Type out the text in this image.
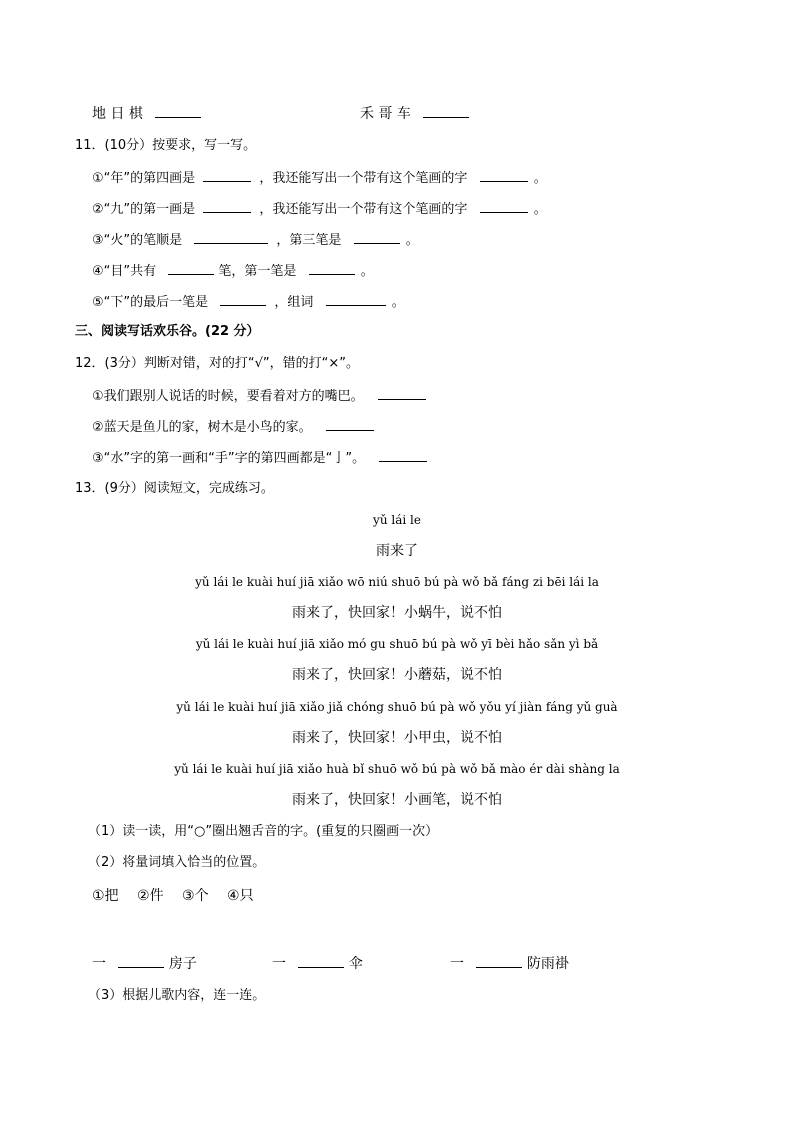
地 日 棋	禾 哥 车
11．(10分）按要求，写一写。
①“年”的第四画是	，我还能写出一个带有这个笔画的字	。
②“九”的第一画是	，我还能写出一个带有这个笔画的字	。
③“火”的笔顺是	，第三笔是	。
④“目”共有	笔，第一笔是	。
⑤“下”的最后一笔是	，组词	。
三、阅读写话欢乐谷。(22 分）
12．(3分）判断对错，对的打“√”，错的打“×”。
①我们跟别人说话的时候，要看着对方的嘴巴。
②蓝天是鱼儿的家，树木是小鸟的家。
③“水”字的第一画和“手”字的第四画都是“亅”。
13．(9分）阅读短文，完成练习。
yǔ lái le
雨来了
yǔ lái le kuài huí jiā xiǎo wō niú shuō bú pà wǒ bǎ fáng zi bēi lái la
雨来了，快回家！小蜗牛，说不怕
yǔ lái le kuài huí jiā xiǎo mó gu shuō bú pà wǒ yī bèi hǎo sǎn yì bǎ
雨来了，快回家！小蘑菇，说不怕
yǔ lái le kuài huí jiā xiǎo jiǎ chóng shuō bú pà wǒ yǒu yí jiàn fáng yǔ guà
雨来了，快回家！小甲虫，说不怕
yǔ lái le kuài huí jiā xiǎo huà bǐ shuō wǒ bú pà wǒ bǎ mào ér dài shàng la
雨来了，快回家！小画笔，说不怕
（1）读一读，用“○”圈出翘舌音的字。(重复的只圈画一次）
（2）将量词填入恰当的位置。
①把 ②件 ③个 ④只
一	房子	一	伞	一	防雨褂
（3）根据儿歌内容，连一连。
